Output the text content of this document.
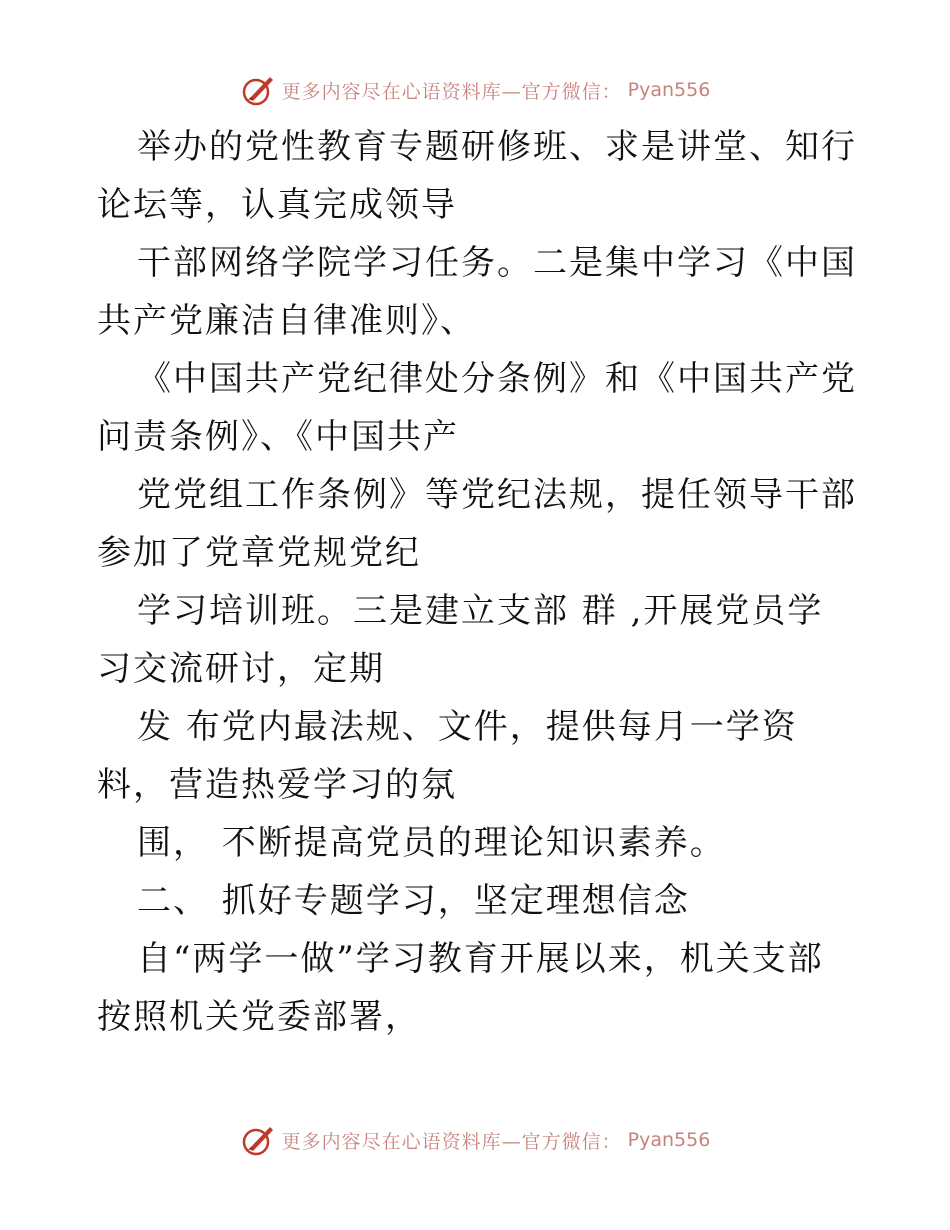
更多内容尽在心语资料库—官方微信： Pyan556

举办的党性教育专题研修班、求是讲堂、知行论坛等，认真完成领导

干部网络学院学习任务。二是集中学习《中国共产党廉洁自律准则》、

《中国共产党纪律处分条例》和《中国共产党问责条例》、《中国共产

党党组工作条例》等党纪法规，提任领导干部参加了党章党规党纪

学习培训班。三是建立支部 群 ,开展党员学习交流研讨，定期

发 布党内最法规、文件，提供每月一学资料，营造热爱学习的氛

围， 不断提高党员的理论知识素养。

二、 抓好专题学习，坚定理想信念

自“两学一做”学习教育开展以来，机关支部按照机关党委部署，

更多内容尽在心语资料库—官方微信： Pyan556
